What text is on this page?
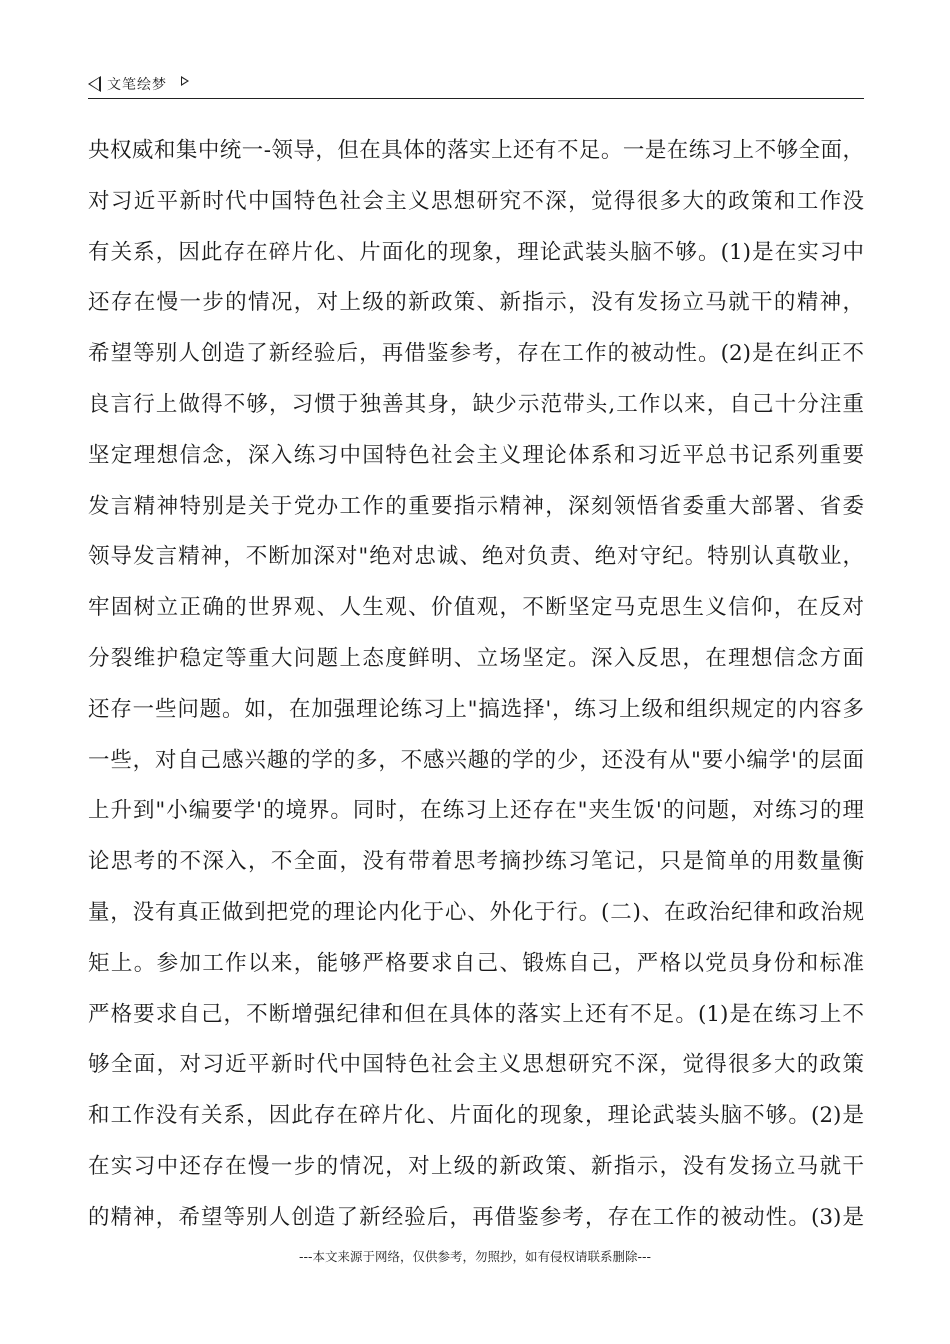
文笔绘梦
央权威和集中统一-领导，但在具体的落实上还有不足。一是在练习上不够全面，
对习近平新时代中国特色社会主义思想研究不深，觉得很多大的政策和工作没
有关系，因此存在碎片化、片面化的现象，理论武装头脑不够。(1)是在实习中
还存在慢一步的情况，对上级的新政策、新指示，没有发扬立马就干的精神，
希望等别人创造了新经验后，再借鉴参考，存在工作的被动性。(2)是在纠正不
良言行上做得不够，习惯于独善其身，缺少示范带头,工作以来，自己十分注重
坚定理想信念，深入练习中国特色社会主义理论体系和习近平总书记系列重要
发言精神特别是关于党办工作的重要指示精神，深刻领悟省委重大部署、省委
领导发言精神，不断加深对"绝对忠诚、绝对负责、绝对守纪。特别认真敬业，
牢固树立正确的世界观、人生观、价值观，不断坚定马克思生义信仰，在反对
分裂维护稳定等重大问题上态度鲜明、立场坚定。深入反思，在理想信念方面
还存一些问题。如，在加强理论练习上"搞选择'，练习上级和组织规定的内容多
一些，对自己感兴趣的学的多，不感兴趣的学的少，还没有从"要小编学'的层面
上升到"小编要学'的境界。同时，在练习上还存在"夹生饭'的问题，对练习的理
论思考的不深入，不全面，没有带着思考摘抄练习笔记，只是简单的用数量衡
量，没有真正做到把党的理论内化于心、外化于行。(二)、在政治纪律和政治规
矩上。参加工作以来，能够严格要求自己、锻炼自己，严格以党员身份和标准
严格要求自己，不断增强纪律和但在具体的落实上还有不足。(1)是在练习上不
够全面，对习近平新时代中国特色社会主义思想研究不深，觉得很多大的政策
和工作没有关系，因此存在碎片化、片面化的现象，理论武装头脑不够。(2)是
在实习中还存在慢一步的情况，对上级的新政策、新指示，没有发扬立马就干
的精神，希望等别人创造了新经验后，再借鉴参考，存在工作的被动性。(3)是
---本文来源于网络，仅供参考，勿照抄，如有侵权请联系删除---
